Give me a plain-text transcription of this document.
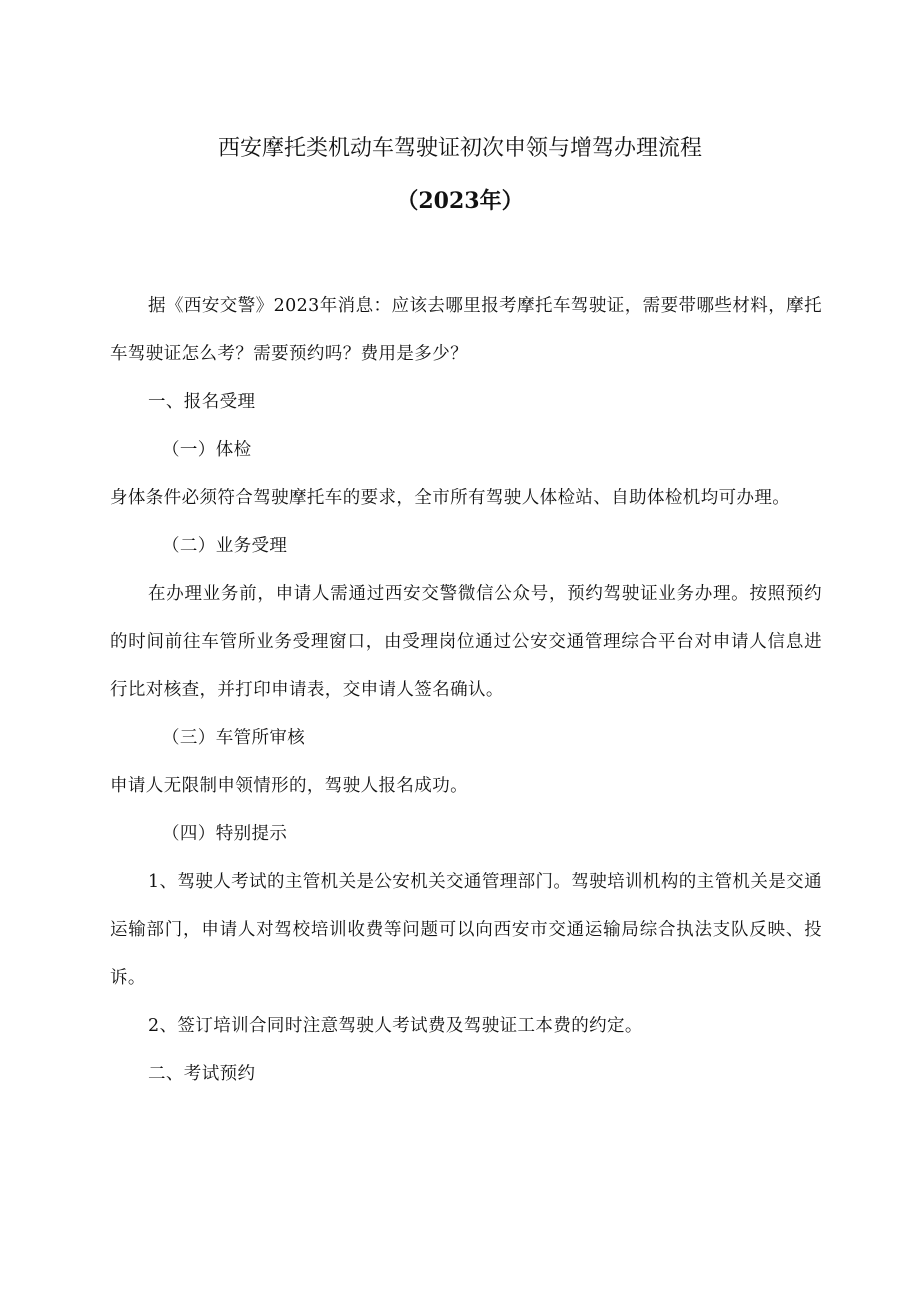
西安摩托类机动车驾驶证初次申领与增驾办理流程
（2023年）

据《西安交警》2023年消息：应该去哪里报考摩托车驾驶证，需要带哪些材料，摩托车驾驶证怎么考？需要预约吗？费用是多少？

一、报名受理

（一）体检

身体条件必须符合驾驶摩托车的要求，全市所有驾驶人体检站、自助体检机均可办理。

（二）业务受理

在办理业务前，申请人需通过西安交警微信公众号，预约驾驶证业务办理。按照预约的时间前往车管所业务受理窗口，由受理岗位通过公安交通管理综合平台对申请人信息进行比对核查，并打印申请表，交申请人签名确认。

（三）车管所审核

申请人无限制申领情形的，驾驶人报名成功。

（四）特别提示

1、驾驶人考试的主管机关是公安机关交通管理部门。驾驶培训机构的主管机关是交通运输部门，申请人对驾校培训收费等问题可以向西安市交通运输局综合执法支队反映、投诉。

2、签订培训合同时注意驾驶人考试费及驾驶证工本费的约定。

二、考试预约
